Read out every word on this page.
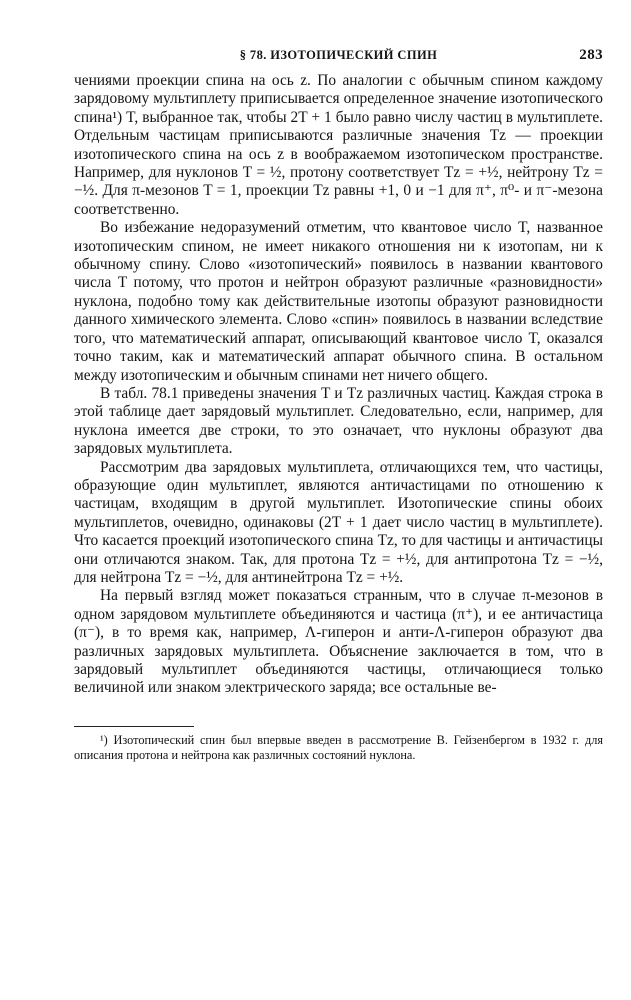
§ 78. ИЗОТОПИЧЕСКИЙ СПИН	283

чениями проекции спина на ось z. По аналогии с обычным спином каждому зарядовому мультиплету приписывается определенное значение изотопического спина¹) T, выбранное так, чтобы 2T + 1 было равно числу частиц в мультиплете. Отдельным частицам приписываются различные значения Tz — проекции изотопического спина на ось z в воображаемом изотопическом пространстве. Например, для нуклонов T = ½, протону соответствует Tz = +½, нейтрону Tz = −½. Для π-мезонов T = 1, проекции Tz равны +1, 0 и −1 для π⁺, π⁰- и π⁻-мезона соответственно.

Во избежание недоразумений отметим, что квантовое число T, названное изотопическим спином, не имеет никакого отношения ни к изотопам, ни к обычному спину. Слово «изотопический» появилось в названии квантового числа T потому, что протон и нейтрон образуют различные «разновидности» нуклона, подобно тому как действительные изотопы образуют разновидности данного химического элемента. Слово «спин» появилось в названии вследствие того, что математический аппарат, описывающий квантовое число T, оказался точно таким, как и математический аппарат обычного спина. В остальном между изотопическим и обычным спинами нет ничего общего.

В табл. 78.1 приведены значения T и Tz различных частиц. Каждая строка в этой таблице дает зарядовый мультиплет. Следовательно, если, например, для нуклона имеется две строки, то это означает, что нуклоны образуют два зарядовых мультиплета.

Рассмотрим два зарядовых мультиплета, отличающихся тем, что частицы, образующие один мультиплет, являются античастицами по отношению к частицам, входящим в другой мультиплет. Изотопические спины обоих мультиплетов, очевидно, одинаковы (2T + 1 дает число частиц в мультиплете). Что касается проекций изотопического спина Tz, то для частицы и античастицы они отличаются знаком. Так, для протона Tz = +½, для антипротона Tz = −½, для нейтрона Tz = −½, для антинейтрона Tz = +½.

На первый взгляд может показаться странным, что в случае π-мезонов в одном зарядовом мультиплете объединяются и частица (π⁺), и ее античастица (π⁻), в то время как, например, Λ-гиперон и анти-Λ-гиперон образуют два различных зарядовых мультиплета. Объяснение заключается в том, что в зарядовый мультиплет объединяются частицы, отличающиеся только величиной или знаком электрического заряда; все остальные ве-

¹) Изотопический спин был впервые введен в рассмотрение В. Гейзенбергом в 1932 г. для описания протона и нейтрона как различных состояний нуклона.
